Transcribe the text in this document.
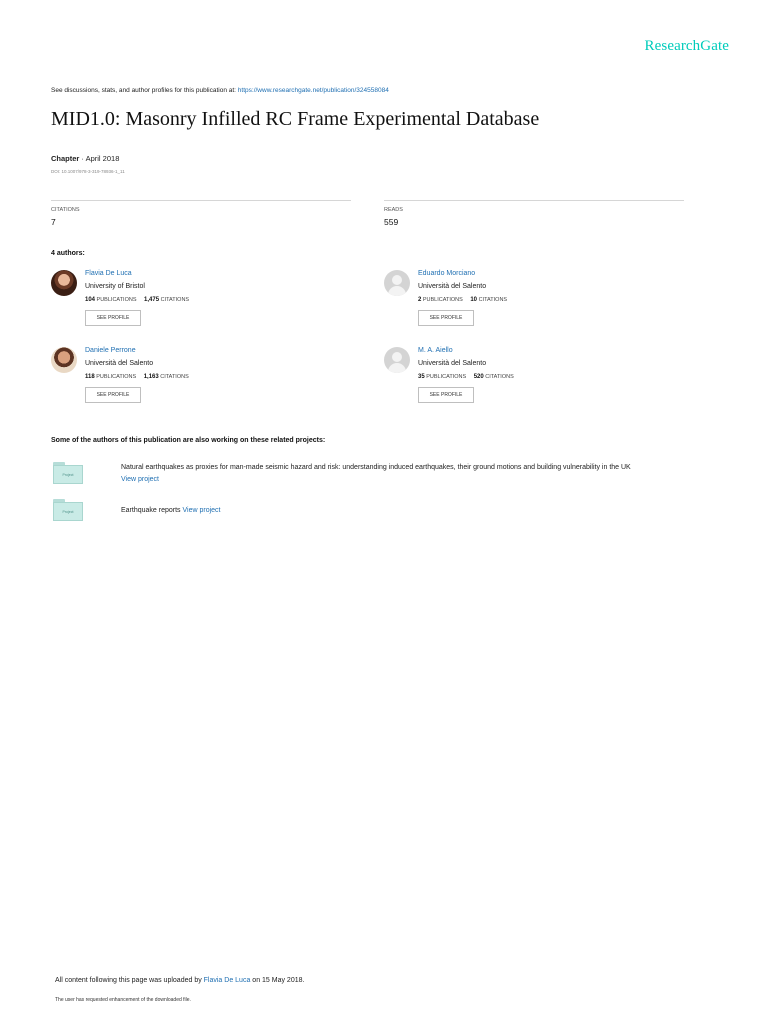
ResearchGate
See discussions, stats, and author profiles for this publication at: https://www.researchgate.net/publication/324558084
MID1.0: Masonry Infilled RC Frame Experimental Database
Chapter · April 2018
DOI: 10.1007/978-3-319-78936-1_11
CITATIONS
7
READS
559
4 authors:
Flavia De Luca
University of Bristol
104 PUBLICATIONS 1,475 CITATIONS
SEE PROFILE
Eduardo Morciano
Università del Salento
2 PUBLICATIONS 10 CITATIONS
SEE PROFILE
Daniele Perrone
Università del Salento
118 PUBLICATIONS 1,163 CITATIONS
SEE PROFILE
M. A. Aiello
Università del Salento
35 PUBLICATIONS 520 CITATIONS
SEE PROFILE
Some of the authors of this publication are also working on these related projects:
Project
Natural earthquakes as proxies for man-made seismic hazard and risk: understanding induced earthquakes, their ground motions and building vulnerability in the UK
View project
Project	Earthquake reports View project
All content following this page was uploaded by Flavia De Luca on 15 May 2018.
The user has requested enhancement of the downloaded file.
